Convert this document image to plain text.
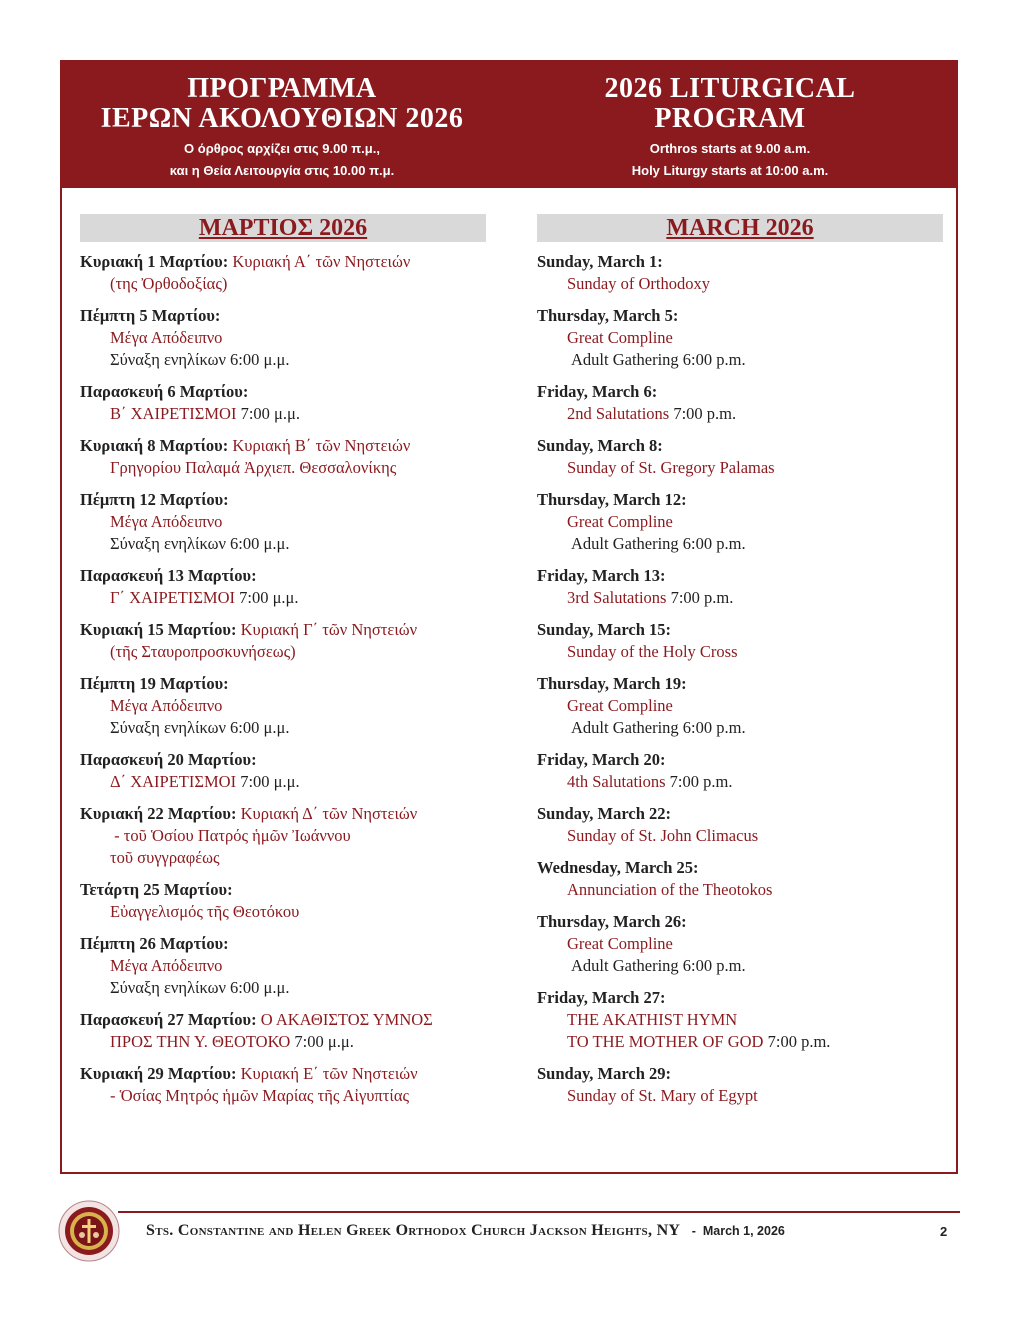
ΠΡΟΓΡΑΜΜΑ
ΙΕΡΩΝ ΑΚΟΛΟΥΘΙΩΝ 2026
Ο όρθρος αρχίζει στις 9.00 π.μ.,
και η Θεία Λειτουργία στις 10.00 π.μ.
2026 LITURGICAL
PROGRAM
Orthros starts at 9.00 a.m.
Holy Liturgy starts at 10:00 a.m.
ΜΑΡΤΙΟΣ 2026
Κυριακή 1 Μαρτίου: Κυριακή Α΄ τῶν Νηστειών
(της Ὀρθοδοξίας)
Πέμπτη 5 Μαρτίου:
Μέγα Απόδειπνο
Σύναξη ενηλίκων 6:00 μ.μ.
Παρασκευή 6 Μαρτίου:
Β΄ ΧΑΙΡΕΤΙΣΜΟΙ 7:00 μ.μ.
Κυριακή 8 Μαρτίου: Κυριακή Β΄ τῶν Νηστειών
Γρηγορίου Παλαμά Ἀρχιεπ. Θεσσαλονίκης
Πέμπτη 12 Μαρτίου:
Μέγα Απόδειπνο
Σύναξη ενηλίκων 6:00 μ.μ.
Παρασκευή 13 Μαρτίου:
Γ΄ ΧΑΙΡΕΤΙΣΜΟΙ 7:00 μ.μ.
Κυριακή 15 Μαρτίου: Κυριακή Γ΄ τῶν Νηστειών
(τῆς Σταυροπροσκυνήσεως)
Πέμπτη 19 Μαρτίου:
Μέγα Απόδειπνο
Σύναξη ενηλίκων 6:00 μ.μ.
Παρασκευή 20 Μαρτίου:
Δ΄ ΧΑΙΡΕΤΙΣΜΟΙ 7:00 μ.μ.
Κυριακή 22 Μαρτίου: Κυριακή Δ΄ τῶν Νηστειών
- τοῦ Ὁσίου Πατρός ἡμῶν Ἰωάννου
τοῦ συγγραφέως
Τετάρτη 25 Μαρτίου:
Εὐαγγελισμός τῆς Θεοτόκου
Πέμπτη 26 Μαρτίου:
Μέγα Απόδειπνο
Σύναξη ενηλίκων 6:00 μ.μ.
Παρασκευή 27 Μαρτίου: Ο ΑΚΑΘΙΣΤΟΣ ΥΜΝΟΣ
ΠΡΟΣ ΤΗΝ Υ. ΘΕΟΤΟΚΟ 7:00 μ.μ.
Κυριακή 29 Μαρτίου: Κυριακή Ε΄ τῶν Νηστειών
- Ὁσίας Μητρός ἡμῶν Μαρίας τῆς Αἰγυπτίας
MARCH 2026
Sunday, March 1:
Sunday of Orthodoxy
Thursday, March 5:
Great Compline
Adult Gathering 6:00 p.m.
Friday, March 6:
2nd Salutations 7:00 p.m.
Sunday, March 8:
Sunday of St. Gregory Palamas
Thursday, March 12:
Great Compline
Adult Gathering 6:00 p.m.
Friday, March 13:
3rd Salutations 7:00 p.m.
Sunday, March 15:
Sunday of the Holy Cross
Thursday, March 19:
Great Compline
Adult Gathering 6:00 p.m.
Friday, March 20:
4th Salutations 7:00 p.m.
Sunday, March 22:
Sunday of St. John Climacus
Wednesday, March 25:
Annunciation of the Theotokos
Thursday, March 26:
Great Compline
Adult Gathering 6:00 p.m.
Friday, March 27:
THE AKATHIST HYMN
TO THE MOTHER OF GOD 7:00 p.m.
Sunday, March 29:
Sunday of St. Mary of Egypt
Sts. Constantine and Helen Greek Orthodox Church Jackson Heights, NY -  March 1, 2026	2
